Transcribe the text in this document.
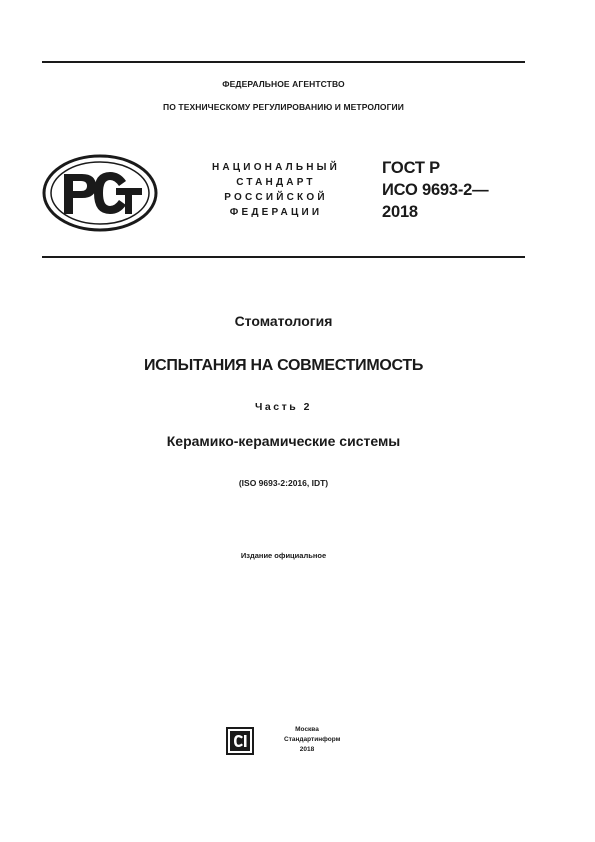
ФЕДЕРАЛЬНОЕ АГЕНТСТВО
ПО ТЕХНИЧЕСКОМУ РЕГУЛИРОВАНИЮ И МЕТРОЛОГИИ
НАЦИОНАЛЬНЫЙ
СТАНДАРТ
РОССИЙСКОЙ
ФЕДЕРАЦИИ
ГОСТ Р
ИСО 9693-2—
2018
Стоматология
ИСПЫТАНИЯ НА СОВМЕСТИМОСТЬ
Часть 2
Керамико-керамические системы
(ISO 9693-2:2016, IDT)
Издание официальное
Москва
Стандартинформ
2018
